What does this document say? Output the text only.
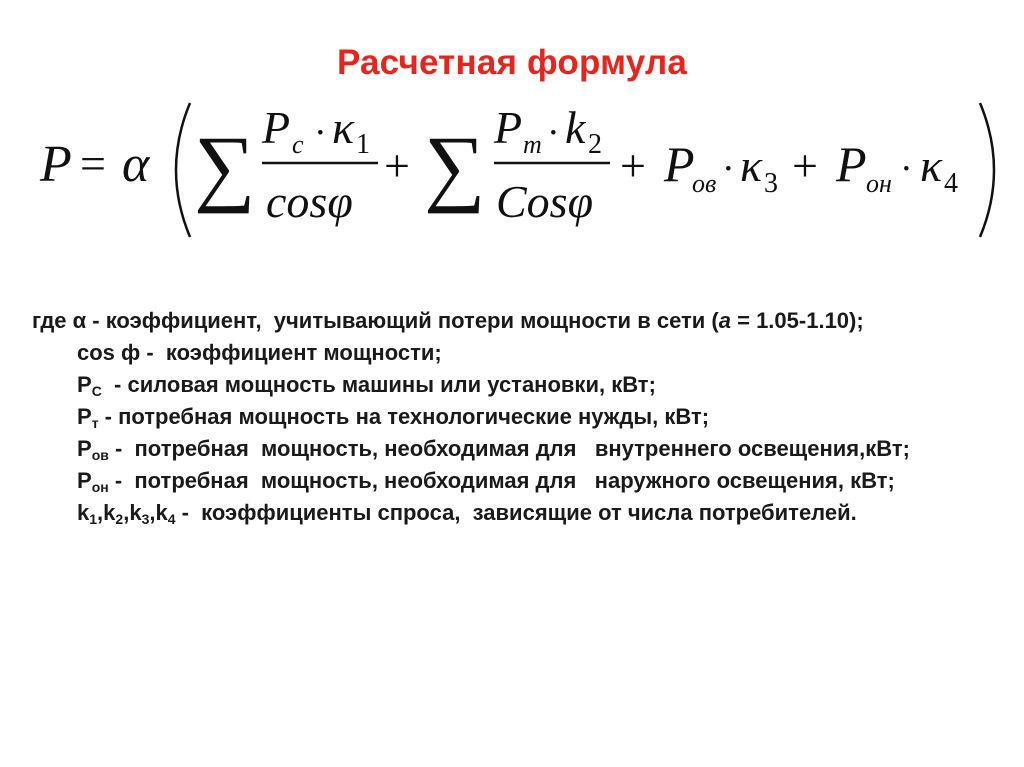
Расчетная формула
P = α ∑ P c · κ 1
cosφ
+ ∑ P m · k 2
Cosφ
+ P
ов · κ 3 + P он · κ 4
где α - коэффициент,  учитывающий потери мощности в сети (a = 1.05-1.10);
cos ф -  коэффициент мощности;
$P_C$  - силовая мощность машины или установки, кВт;
$P_т$ - потребная мощность на технологические нужды, кВт;
$P_{ов}$ -  потребная  мощность, необходимая для   внутреннего освещения,кВт;
$P_{он}$ -  потребная  мощность, необходимая для   наружного освещения, кВт;
$k_1,k_2,k_3,k_4$ -  коэффициенты спроса,  зависящие от числа потребителей.
